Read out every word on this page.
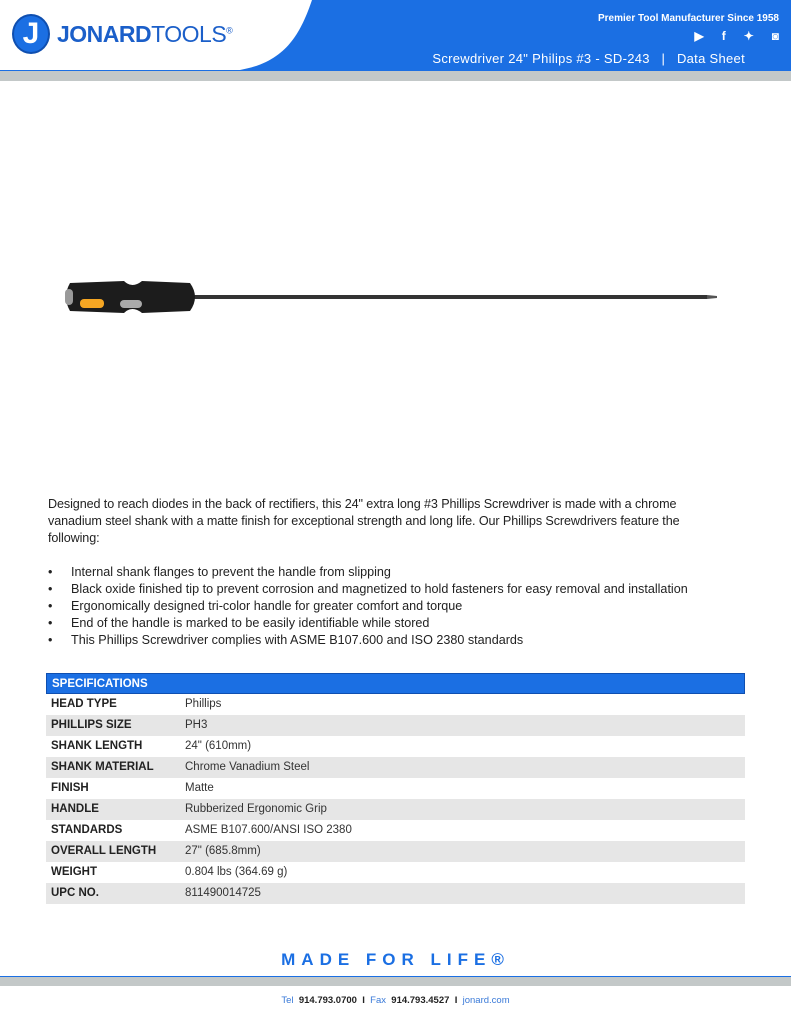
J JONARDTOOLS®
Premier Tool Manufacturer Since 1958
▶ f ✦ ◙
Screwdriver 24" Philips #3 - SD-243   |   Data Sheet

Designed to reach diodes in the back of rectifiers, this 24" extra long #3 Phillips Screwdriver is made with a chrome vanadium steel shank with a matte finish for exceptional strength and long life. Our Phillips Screwdrivers feature the following:

• Internal shank flanges to prevent the handle from slipping
• Black oxide finished tip to prevent corrosion and magnetized to hold fasteners for easy removal and installation
• Ergonomically designed tri-color handle for greater comfort and torque
• End of the handle is marked to be easily identifiable while stored
• This Phillips Screwdriver complies with ASME B107.600 and ISO 2380 standards
SPECIFICATIONS
HEAD TYPE	Phillips
PHILLIPS SIZE	PH3
SHANK LENGTH	24" (610mm)
SHANK MATERIAL	Chrome Vanadium Steel
FINISH	Matte
HANDLE	Rubberized Ergonomic Grip
STANDARDS	ASME B107.600/ANSI ISO 2380
OVERALL LENGTH	27" (685.8mm)
WEIGHT	0.804 lbs (364.69 g)
UPC NO.	811490014725
MADE FOR LIFE®
Tel 914.793.0700 I Fax 914.793.4527 I jonard.com
